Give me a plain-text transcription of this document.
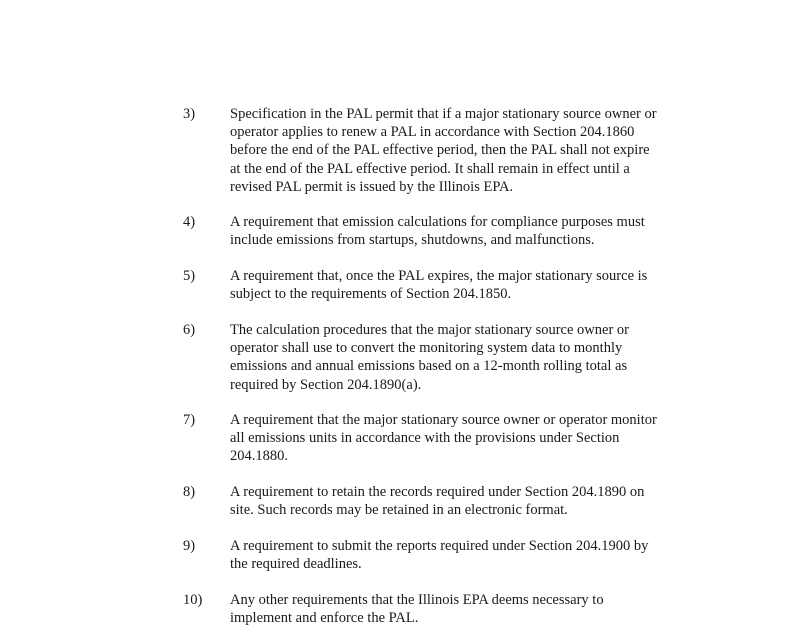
3) Specification in the PAL permit that if a major stationary source owner or
operator applies to renew a PAL in accordance with Section 204.1860
before the end of the PAL effective period, then the PAL shall not expire
at the end of the PAL effective period. It shall remain in effect until a
revised PAL permit is issued by the Illinois EPA.
4) A requirement that emission calculations for compliance purposes must
include emissions from startups, shutdowns, and malfunctions.
5) A requirement that, once the PAL expires, the major stationary source is
subject to the requirements of Section 204.1850.
6) The calculation procedures that the major stationary source owner or
operator shall use to convert the monitoring system data to monthly
emissions and annual emissions based on a 12-month rolling total as
required by Section 204.1890(a).
7) A requirement that the major stationary source owner or operator monitor
all emissions units in accordance with the provisions under Section
204.1880.
8) A requirement to retain the records required under Section 204.1890 on
site. Such records may be retained in an electronic format.
9) A requirement to submit the reports required under Section 204.1900 by
the required deadlines.
10) Any other requirements that the Illinois EPA deems necessary to
implement and enforce the PAL.
